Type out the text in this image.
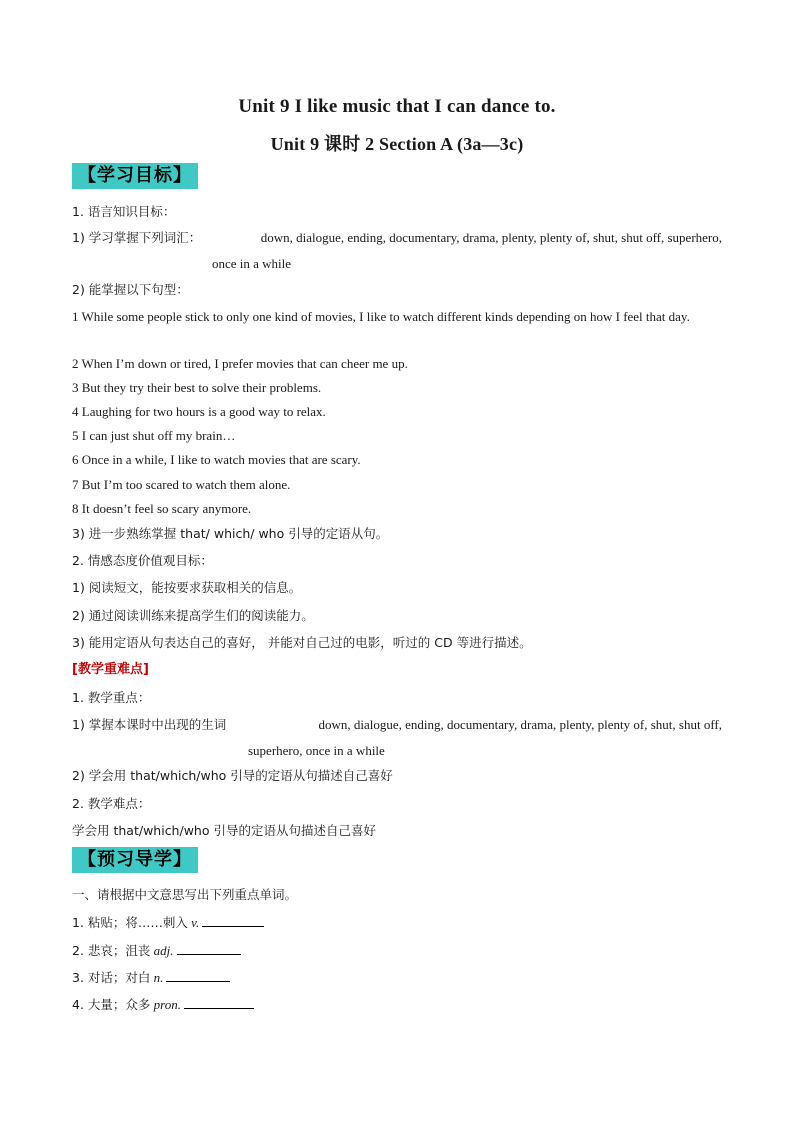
Unit 9 I like music that I can dance to.
Unit 9 课时 2 Section A (3a—3c)
【学习目标】
1. 语言知识目标：
1) 学习掌握下列词汇：	down, dialogue, ending, documentary, drama, plenty, plenty of, shut, shut off, superhero,
once in a while
2) 能掌握以下句型：
1 While some people stick to only one kind of movies, I like to watch different kinds depending on how I feel that day.
2 When I’m down or tired, I prefer movies that can cheer me up.
3 But they try their best to solve their problems.
4 Laughing for two hours is a good way to relax.
5 I can just shut off my brain…
6 Once in a while, I like to watch movies that are scary.
7 But I’m too scared to watch them alone.
8 It doesn’t feel so scary anymore.
3) 进一步熟练掌握 that/ which/ who 引导的定语从句。
2. 情感态度价值观目标：
1) 阅读短文，能按要求获取相关的信息。
2) 通过阅读训练来提高学生们的阅读能力。
3) 能用定语从句表达自己的喜好， 并能对自己过的电影，听过的 CD 等进行描述。
[教学重难点]
1. 教学重点：
1) 掌握本课时中出现的生词	down, dialogue, ending, documentary, drama, plenty, plenty of, shut, shut off,
superhero, once in a while
2) 学会用 that/which/who 引导的定语从句描述自己喜好
2. 教学难点：
学会用 that/which/who 引导的定语从句描述自己喜好
【预习导学】
一、请根据中文意思写出下列重点单词。
1. 粘贴；将……刺入 v.
2. 悲哀；沮丧 adj.
3. 对话；对白 n.
4. 大量；众多 pron.
